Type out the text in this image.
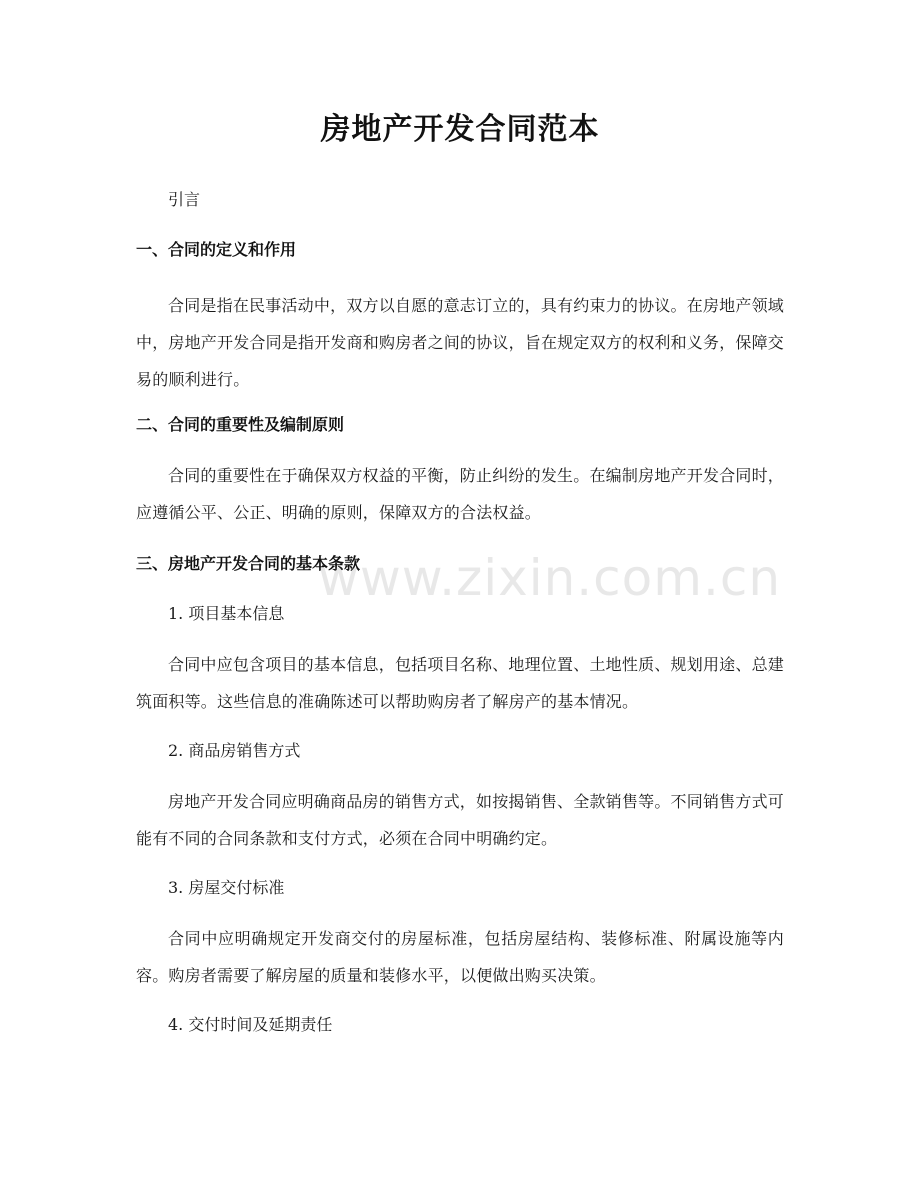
房地产开发合同范本
引言
一、合同的定义和作用
合同是指在民事活动中，双方以自愿的意志订立的，具有约束力的协议。在房地产领域中，房地产开发合同是指开发商和购房者之间的协议，旨在规定双方的权利和义务，保障交易的顺利进行。
二、合同的重要性及编制原则
合同的重要性在于确保双方权益的平衡，防止纠纷的发生。在编制房地产开发合同时，应遵循公平、公正、明确的原则，保障双方的合法权益。
三、房地产开发合同的基本条款
1. 项目基本信息
合同中应包含项目的基本信息，包括项目名称、地理位置、土地性质、规划用途、总建筑面积等。这些信息的准确陈述可以帮助购房者了解房产的基本情况。
2. 商品房销售方式
房地产开发合同应明确商品房的销售方式，如按揭销售、全款销售等。不同销售方式可能有不同的合同条款和支付方式，必须在合同中明确约定。
3. 房屋交付标准
合同中应明确规定开发商交付的房屋标准，包括房屋结构、装修标准、附属设施等内容。购房者需要了解房屋的质量和装修水平，以便做出购买决策。
4. 交付时间及延期责任
www.zixin.com.cn
